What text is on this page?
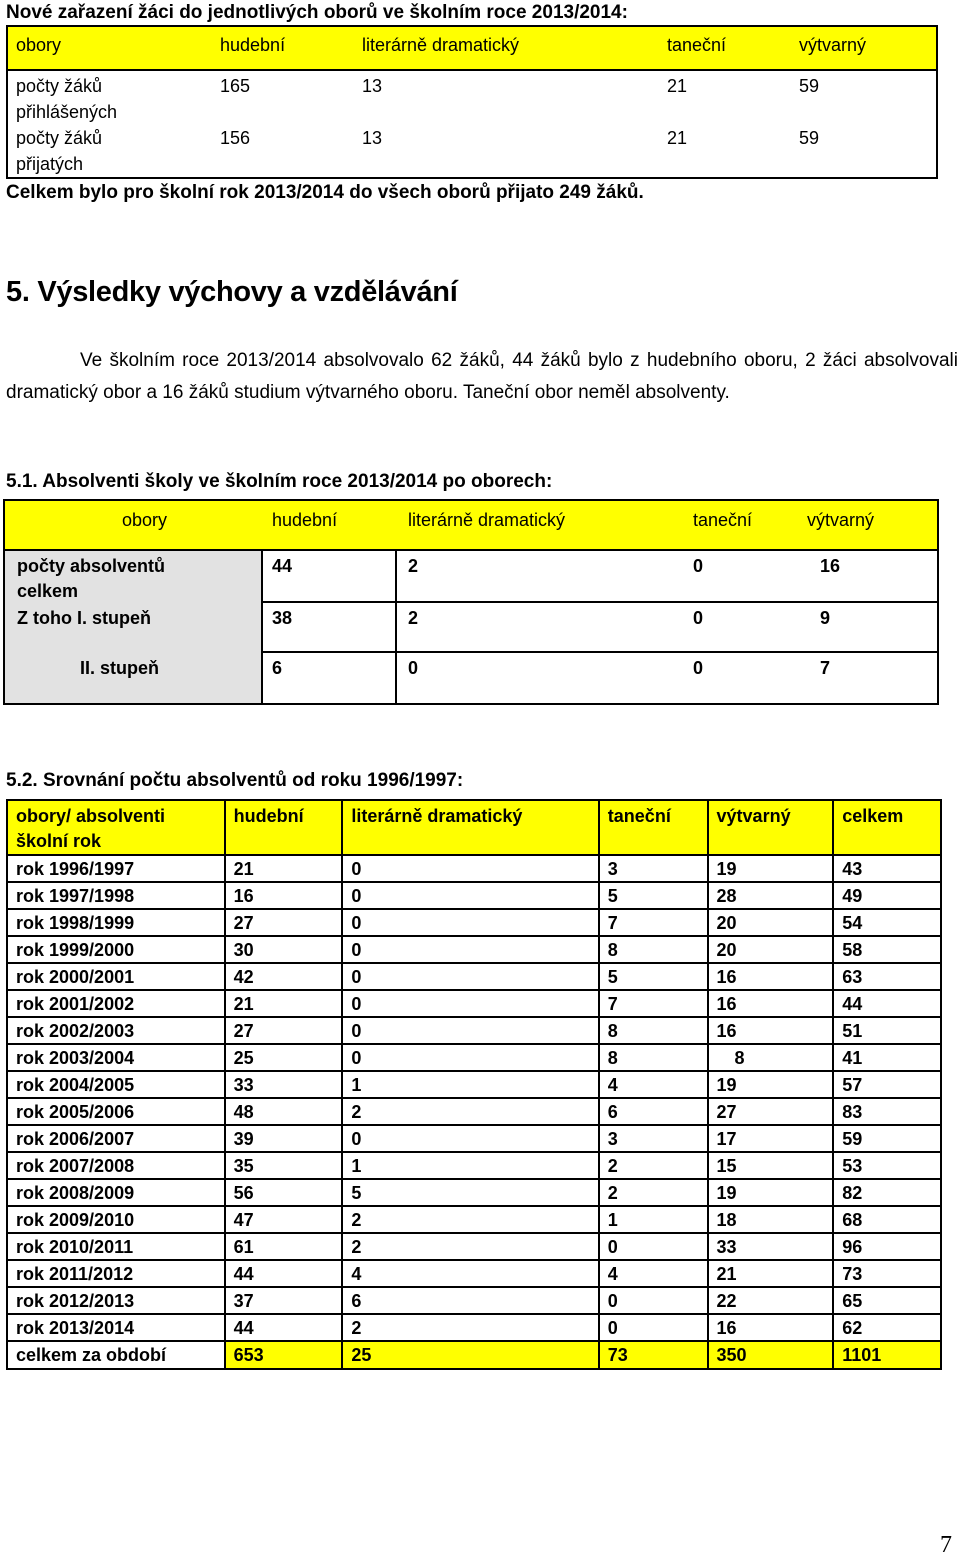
Nové zařazení žáci do jednotlivých oborů ve školním roce 2013/2014:
obory	hudební	literárně dramatický	taneční	výtvarný
počty žáků
přihlášených
165	13	21	59
počty žáků
přijatých
156	13	21	59
Celkem bylo pro školní rok 2013/2014 do všech oborů přijato 249 žáků.
5. Výsledky výchovy a vzdělávání
Ve školním roce 2013/2014 absolvovalo 62 žáků, 44 žáků bylo z hudebního oboru, 2 žáci absolvovali dramatický obor a 16 žáků studium výtvarného oboru. Taneční obor neměl absolventy.
5.1. Absolventi školy ve školním roce 2013/2014 po oborech:
obory	hudební	literárně dramatický	taneční	výtvarný
počty absolventů
celkem
44	2	0	16
Z toho I. stupeň	38	2	0	9
II. stupeň	6	0	0	7
5.2. Srovnání počtu absolventů od roku 1996/1997:
obory/ absolventi
školní rok	hudební	literárně dramatický	taneční	výtvarný	celkem
rok 1996/1997	21	0	3	19	43
rok 1997/1998	16	0	5	28	49
rok 1998/1999	27	0	7	20	54
rok 1999/2000	30	0	8	20	58
rok 2000/2001	42	0	5	16	63
rok 2001/2002	21	0	7	16	44
rok 2002/2003	27	0	8	16	51
rok 2003/2004	25	0	8	8	41
rok 2004/2005	33	1	4	19	57
rok 2005/2006	48	2	6	27	83
rok 2006/2007	39	0	3	17	59
rok 2007/2008	35	1	2	15	53
rok 2008/2009	56	5	2	19	82
rok 2009/2010	47	2	1	18	68
rok 2010/2011	61	2	0	33	96
rok 2011/2012	44	4	4	21	73
rok 2012/2013	37	6	0	22	65
rok 2013/2014	44	2	0	16	62
celkem za období	653	25	73	350	1101
7
